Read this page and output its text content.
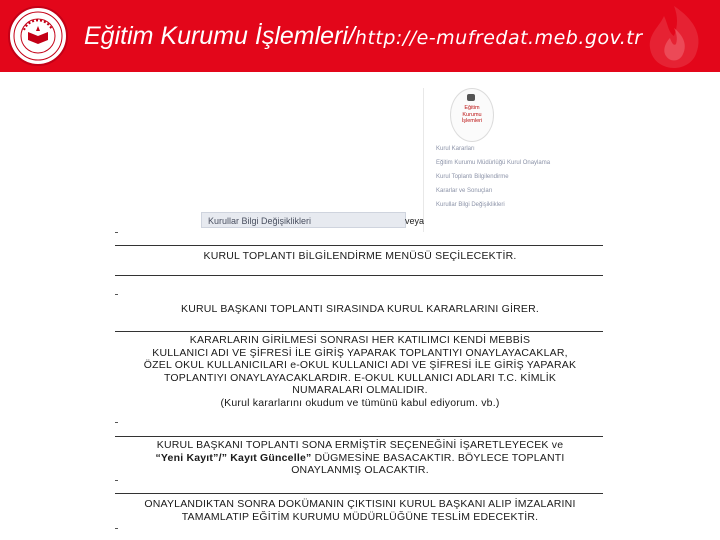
Eğitim Kurumu İşlemleri/http://e-mufredat.meb.gov.tr
Eğitim
Kurumu
İşlemleri
Kurul Kararları
Eğitim Kurumu Müdürlüğü Kurul Onaylama
Kurul Toplantı Bilgilendirme
Kararlar ve Sonuçları
Kurullar Bilgi Değişiklikleri
Kurullar Bilgi Değişiklikleri	veya
KURUL TOPLANTI BİLGİLENDİRME MENÜSÜ SEÇİLECEKTİR.
KURUL BAŞKANI TOPLANTI SIRASINDA KURUL KARARLARINI GİRER.
KARARLARIN GİRİLMESİ SONRASI HER KATILIMCI KENDİ MEBBİS
KULLANICI ADI VE ŞİFRESİ İLE GİRİŞ YAPARAK TOPLANTIYI ONAYLAYACAKLAR,
ÖZEL OKUL KULLANICILARI e-OKUL KULLANICI ADI VE ŞİFRESİ İLE GİRİŞ YAPARAK
TOPLANTIYI ONAYLAYACAKLARDIR. E-OKUL KULLANICI ADLARI T.C. KİMLİK
NUMARALARI OLMALIDIR.
(Kurul kararlarını okudum ve tümünü kabul ediyorum. vb.)
KURUL BAŞKANI TOPLANTI SONA ERMİŞTİR SEÇENEĞİNİ İŞARETLEYECEK ve
“Yeni Kayıt”/” Kayıt Güncelle” DÜGMESİNE BASACAKTIR. BÖYLECE TOPLANTI
ONAYLANMIŞ OLACAKTIR.
ONAYLANDIKTAN SONRA DOKÜMANIN ÇIKTISINI KURUL BAŞKANI ALIP İMZALARINI
TAMAMLATIP EĞİTİM KURUMU MÜDÜRLÜĞÜNE TESLİM EDECEKTİR.
